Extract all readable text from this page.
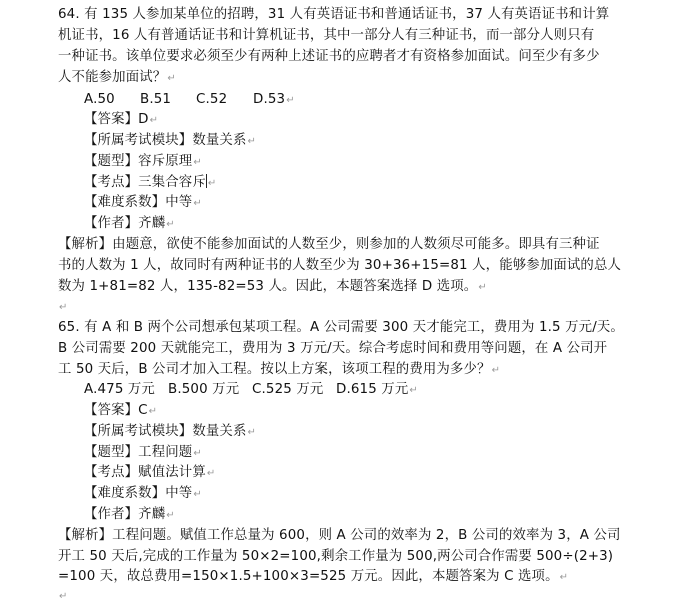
64. 有 135 人参加某单位的招聘，31 人有英语证书和普通话证书，37 人有英语证书和计算
机证书，16 人有普通话证书和计算机证书，其中一部分人有三种证书，而一部分人则只有
一种证书。该单位要求必须至少有两种上述证书的应聘者才有资格参加面试。问至少有多少
人不能参加面试？↵
A.50 B.51 C.52 D.53↵
【答案】D↵
【所属考试模块】数量关系↵
【题型】容斥原理↵
【考点】三集合容斥 ↵
【难度系数】中等↵
【作者】齐麟↵
【解析】由题意，欲使不能参加面试的人数至少，则参加的人数须尽可能多。即具有三种证
书的人数为 1 人，故同时有两种证书的人数至少为 30+36+15=81 人，能够参加面试的总人
数为 1+81=82 人，135-82=53 人。因此，本题答案选择 D 选项。↵
↵
65. 有 A 和 B 两个公司想承包某项工程。A 公司需要 300 天才能完工，费用为 1.5 万元/天。
B 公司需要 200 天就能完工，费用为 3 万元/天。综合考虑时间和费用等问题，在 A 公司开
工 50 天后，B 公司才加入工程。按以上方案，该项工程的费用为多少？↵
A.475 万元 B.500 万元 C.525 万元 D.615 万元↵
【答案】C↵
【所属考试模块】数量关系↵
【题型】工程问题↵
【考点】赋值法计算↵
【难度系数】中等↵
【作者】齐麟↵
【解析】工程问题。赋值工作总量为 600，则 A 公司的效率为 2，B 公司的效率为 3，A 公司
开工 50 天后,完成的工作量为 50×2=100,剩余工作量为 500,两公司合作需要 500÷(2+3)
=100 天，故总费用=150×1.5+100×3=525 万元。因此，本题答案为 C 选项。↵
↵
